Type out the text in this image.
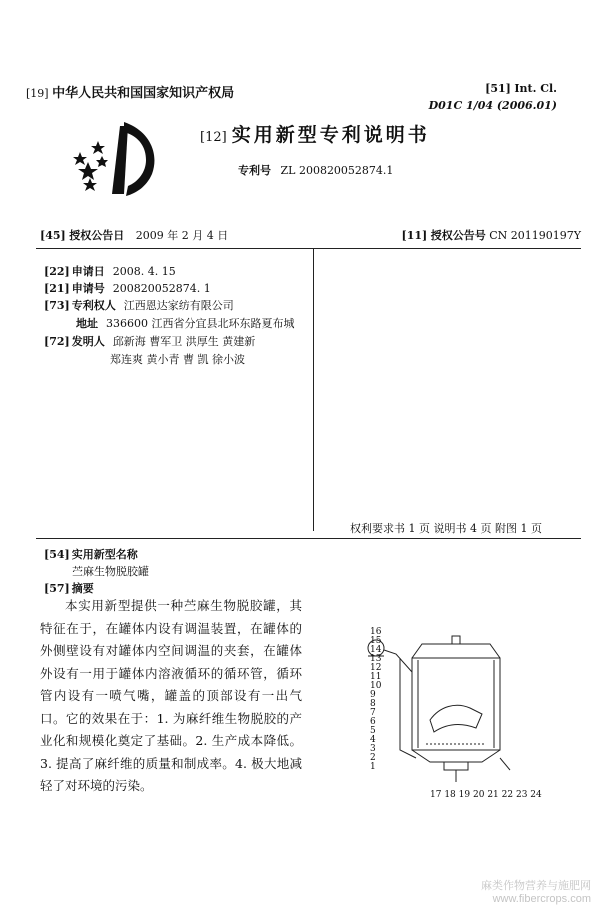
[19] 中华人民共和国国家知识产权局	[51] Int. Cl.
D01C 1/04 (2006.01)
[12] 实用新型专利说明书
专利号 ZL 200820052874.1
[45] 授权公告日 2009 年 2 月 4 日	[11] 授权公告号 CN 201190197Y
[22] 申请日 2008. 4. 15
[21] 申请号 200820052874. 1
[73] 专利权人 江西恩达家纺有限公司
地址 336600 江西省分宜县北环东路夏布城
[72] 发明人 邱新海 曹军卫 洪厚生 黄建新
郑连爽 黄小青 曹 凯 徐小波
权利要求书 1 页 说明书 4 页 附图 1 页
[54] 实用新型名称
苎麻生物脱胶罐
[57] 摘要
本实用新型提供一种苎麻生物脱胶罐，其特征在于，在罐体内设有调温装置，在罐体的外侧壁设有对罐体内空间调温的夹套，在罐体外设有一用于罐体内溶液循环的循环管，循环管内设有一喷气嘴，罐盖的顶部设有一出气口。它的效果在于：1. 为麻纤维生物脱胶的产业化和规模化奠定了基础。2. 生产成本降低。3. 提高了麻纤维的质量和制成率。4. 极大地减轻了对环境的污染。
16
15
14
13
12
11
10
9
8
7
6
5
4
3
2
1
17 18 19 20 21 22 23 24
麻类作物营养与施肥网
www.fibercrops.com
